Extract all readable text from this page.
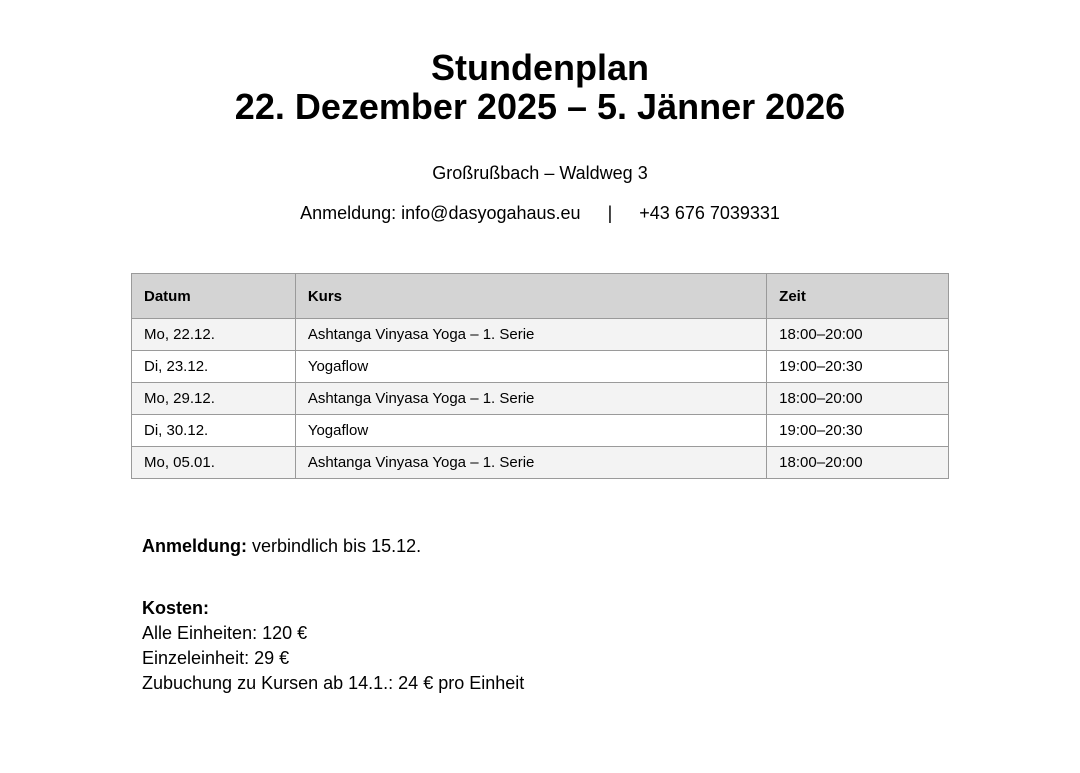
Stundenplan
22. Dezember 2025 – 5. Jänner 2026
Großrußbach – Waldweg 3
Anmeldung: info@dasyogahaus.eu | +43 676 7039331
Datum	Kurs	Zeit
Mo, 22.12.	Ashtanga Vinyasa Yoga – 1. Serie	18:00–20:00
Di, 23.12.	Yogaflow	19:00–20:30
Mo, 29.12.	Ashtanga Vinyasa Yoga – 1. Serie	18:00–20:00
Di, 30.12.	Yogaflow	19:00–20:30
Mo, 05.01.	Ashtanga Vinyasa Yoga – 1. Serie	18:00–20:00
Anmeldung: verbindlich bis 15.12.
Kosten:
Alle Einheiten: 120 €
Einzeleinheit: 29 €
Zubuchung zu Kursen ab 14.1.: 24 € pro Einheit
